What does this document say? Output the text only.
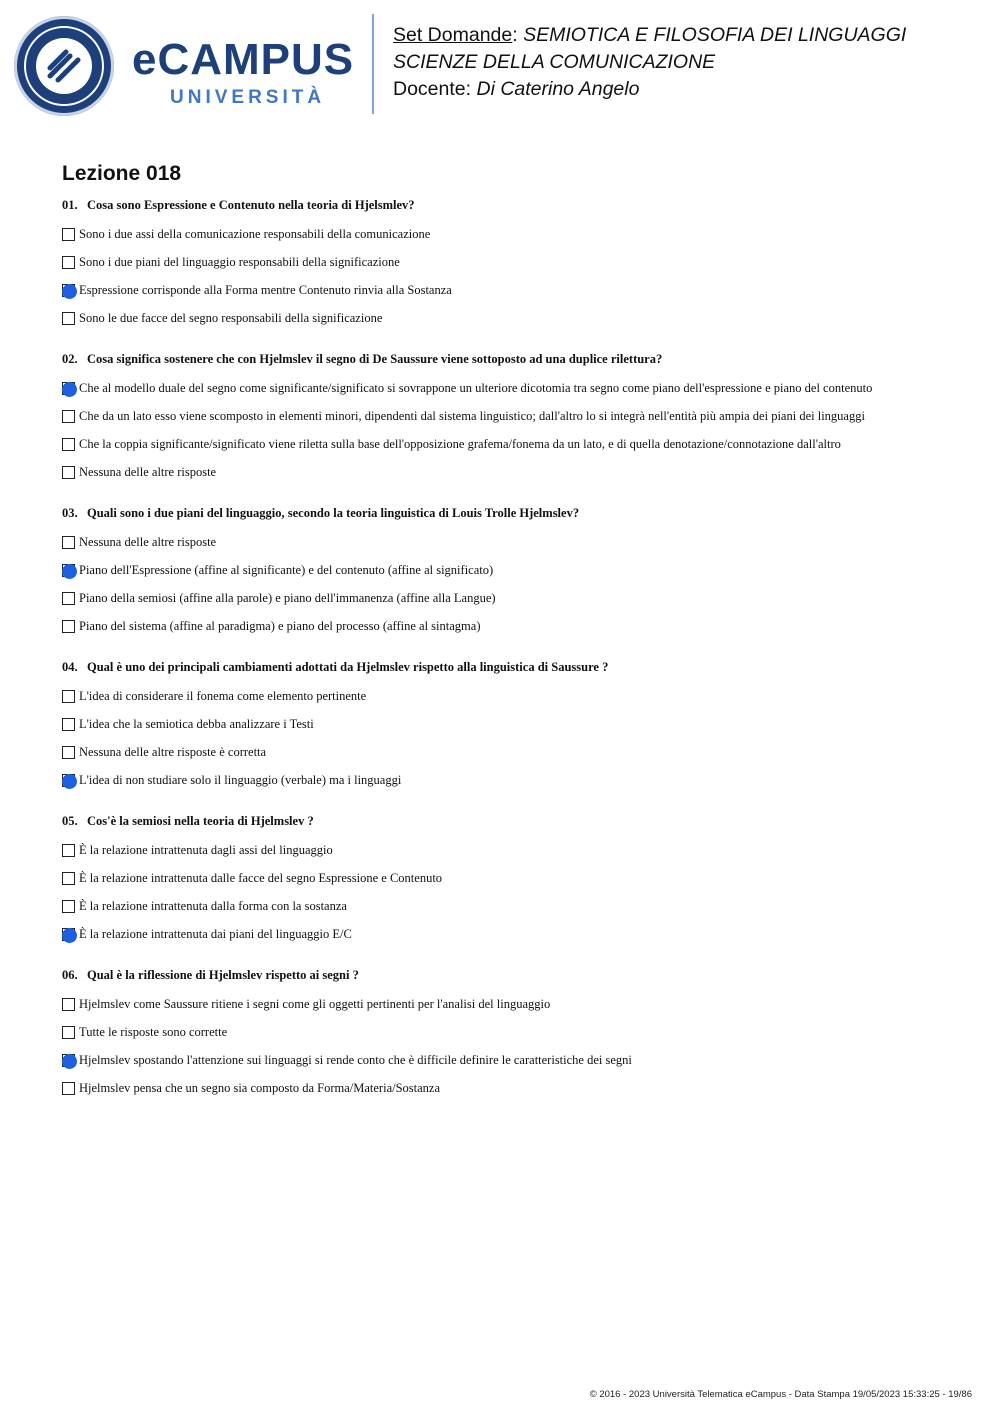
eCAMPUS
UNIVERSITÀ
Set Domande: SEMIOTICA E FILOSOFIA DEI LINGUAGGI
SCIENZE DELLA COMUNICAZIONE
Docente: Di Caterino Angelo
Lezione 018
01. Cosa sono Espressione e Contenuto nella teoria di Hjelsmlev?
Sono i due assi della comunicazione responsabili della comunicazione
Sono i due piani del linguaggio responsabili della significazione
Espressione corrisponde alla Forma mentre Contenuto rinvia alla Sostanza
Sono le due facce del segno responsabili della significazione
02. Cosa significa sostenere che con Hjelmslev il segno di De Saussure viene sottoposto ad una duplice rilettura?
Che al modello duale del segno come significante/significato si sovrappone un ulteriore dicotomia tra segno come piano dell'espressione e piano del contenuto
Che da un lato esso viene scomposto in elementi minori, dipendenti dal sistema linguistico; dall'altro lo si integrà nell'entità più ampia dei piani dei linguaggi
Che la coppia significante/significato viene riletta sulla base dell'opposizione grafema/fonema da un lato, e di quella denotazione/connotazione dall'altro
Nessuna delle altre risposte
03. Quali sono i due piani del linguaggio, secondo la teoria linguistica di Louis Trolle Hjelmslev?
Nessuna delle altre risposte
Piano dell'Espressione (affine al significante) e del contenuto (affine al significato)
Piano della semiosi (affine alla parole) e piano dell'immanenza (affine alla Langue)
Piano del sistema (affine al paradigma) e piano del processo (affine al sintagma)
04. Qual è uno dei principali cambiamenti adottati da Hjelmslev rispetto alla linguistica di Saussure ?
L'idea di considerare il fonema come elemento pertinente
L'idea che la semiotica debba analizzare i Testi
Nessuna delle altre risposte è corretta
L'idea di non studiare solo il linguaggio (verbale) ma i linguaggi
05. Cos'è la semiosi nella teoria di Hjelmslev ?
È la relazione intrattenuta dagli assi del linguaggio
È la relazione intrattenuta dalle facce del segno Espressione e Contenuto
È la relazione intrattenuta dalla forma con la sostanza
È la relazione intrattenuta dai piani del linguaggio E/C
06. Qual è la riflessione di Hjelmslev rispetto ai segni ?
Hjelmslev come Saussure ritiene i segni come gli oggetti pertinenti per l'analisi del linguaggio
Tutte le risposte sono corrette
Hjelmslev spostando l'attenzione sui linguaggi si rende conto che è difficile definire le caratteristiche dei segni
Hjelmslev pensa che un segno sia composto da Forma/Materia/Sostanza
© 2016 - 2023 Università Telematica eCampus - Data Stampa 19/05/2023 15:33:25 - 19/86
